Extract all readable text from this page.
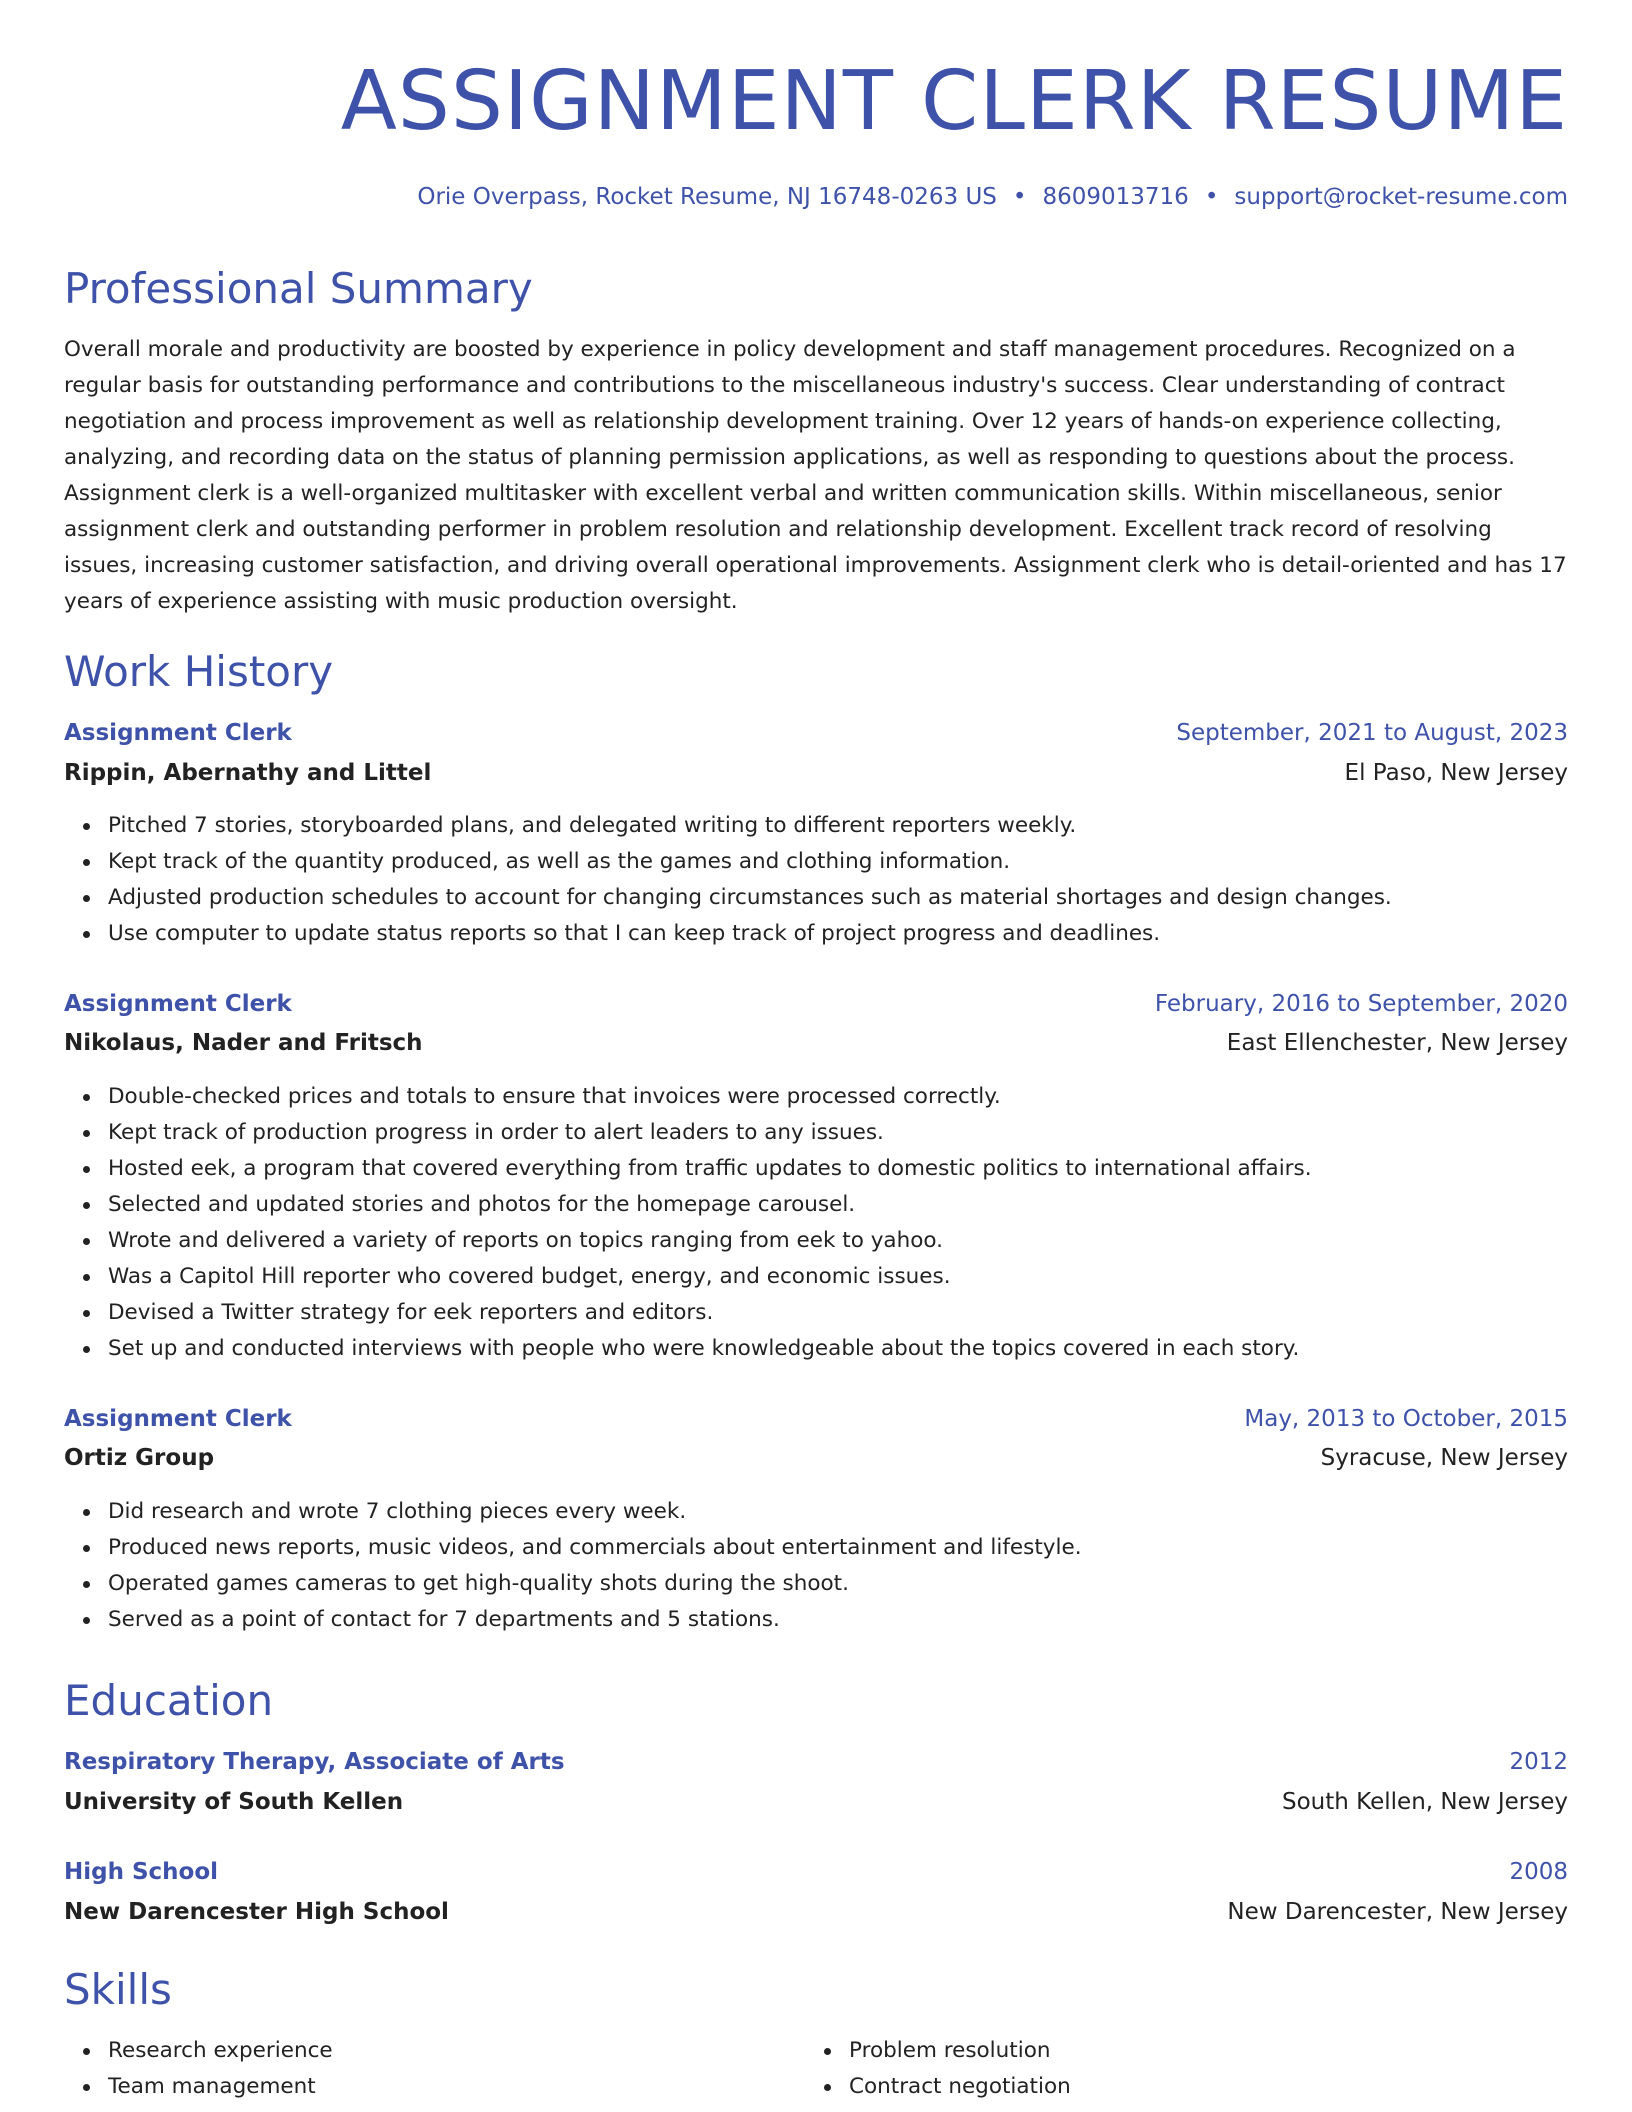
ASSIGNMENT CLERK RESUME
Orie Overpass, Rocket Resume, NJ 16748-0263 US • 8609013716 • support@rocket-resume.com
Professional Summary

Overall morale and productivity are boosted by experience in policy development and staff management procedures. Recognized on a regular basis for outstanding performance and contributions to the miscellaneous industry's success. Clear understanding of contract negotiation and process improvement as well as relationship development training. Over 12 years of hands-on experience collecting, analyzing, and recording data on the status of planning permission applications, as well as responding to questions about the process. Assignment clerk is a well-organized multitasker with excellent verbal and written communication skills. Within miscellaneous, senior assignment clerk and outstanding performer in problem resolution and relationship development. Excellent track record of resolving issues, increasing customer satisfaction, and driving overall operational improvements. Assignment clerk who is detail-oriented and has 17 years of experience assisting with music production oversight.

Work History
Assignment Clerk	September, 2021 to August, 2023
Rippin, Abernathy and Littel	El Paso, New Jersey
Pitched 7 stories, storyboarded plans, and delegated writing to different reporters weekly.
Kept track of the quantity produced, as well as the games and clothing information.
Adjusted production schedules to account for changing circumstances such as material shortages and design changes.
Use computer to update status reports so that I can keep track of project progress and deadlines.
Assignment Clerk	February, 2016 to September, 2020
Nikolaus, Nader and Fritsch	East Ellenchester, New Jersey
Double-checked prices and totals to ensure that invoices were processed correctly.
Kept track of production progress in order to alert leaders to any issues.
Hosted eek, a program that covered everything from traffic updates to domestic politics to international affairs.
Selected and updated stories and photos for the homepage carousel.
Wrote and delivered a variety of reports on topics ranging from eek to yahoo.
Was a Capitol Hill reporter who covered budget, energy, and economic issues.
Devised a Twitter strategy for eek reporters and editors.
Set up and conducted interviews with people who were knowledgeable about the topics covered in each story.
Assignment Clerk	May, 2013 to October, 2015
Ortiz Group	Syracuse, New Jersey
Did research and wrote 7 clothing pieces every week.
Produced news reports, music videos, and commercials about entertainment and lifestyle.
Operated games cameras to get high-quality shots during the shoot.
Served as a point of contact for 7 departments and 5 stations.
Education
Respiratory Therapy, Associate of Arts	2012
University of South Kellen	South Kellen, New Jersey
High School	2008
New Darencester High School	New Darencester, New Jersey
Skills
Research experience
Team management
Problem resolution
Contract negotiation
